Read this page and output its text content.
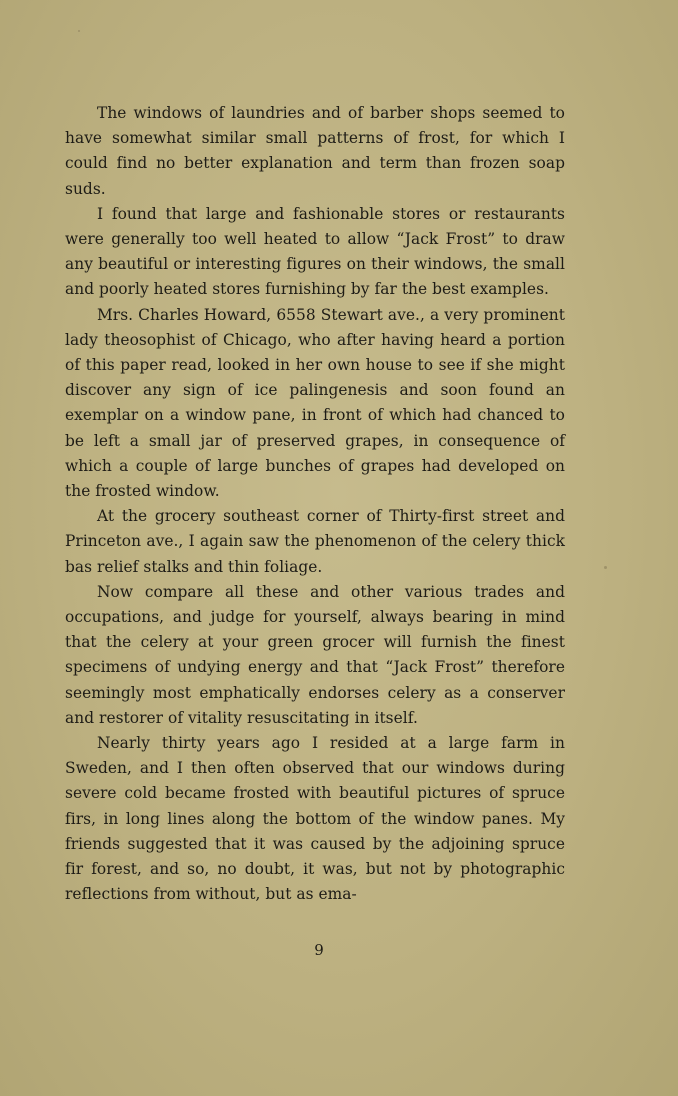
The windows of laundries and of barber shops seemed to have somewhat similar small patterns of frost, for which I could find no better explanation and term than frozen soap suds.

I found that large and fashionable stores or restaurants were generally too well heated to allow “Jack Frost” to draw any beautiful or interesting figures on their windows, the small and poorly heated stores furnishing by far the best examples.

Mrs. Charles Howard, 6558 Stewart ave., a very prominent lady theosophist of Chicago, who after having heard a portion of this paper read, looked in her own house to see if she might discover any sign of ice palingenesis and soon found an exemplar on a window pane, in front of which had chanced to be left a small jar of preserved grapes, in consequence of which a couple of large bunches of grapes had developed on the frosted window.

At the grocery southeast corner of Thirty-first street and Princeton ave., I again saw the phenomenon of the celery thick bas relief stalks and thin foliage.

Now compare all these and other various trades and occupations, and judge for yourself, always bearing in mind that the celery at your green grocer will furnish the finest specimens of undying energy and that “Jack Frost” therefore seemingly most emphatically endorses celery as a conserver and restorer of vitality resuscitating in itself.

Nearly thirty years ago I resided at a large farm in Sweden, and I then often observed that our windows during severe cold became frosted with beautiful pictures of spruce firs, in long lines along the bottom of the window panes. My friends suggested that it was caused by the adjoining spruce fir forest, and so, no doubt, it was, but not by photographic reflections from without, but as ema-

9
